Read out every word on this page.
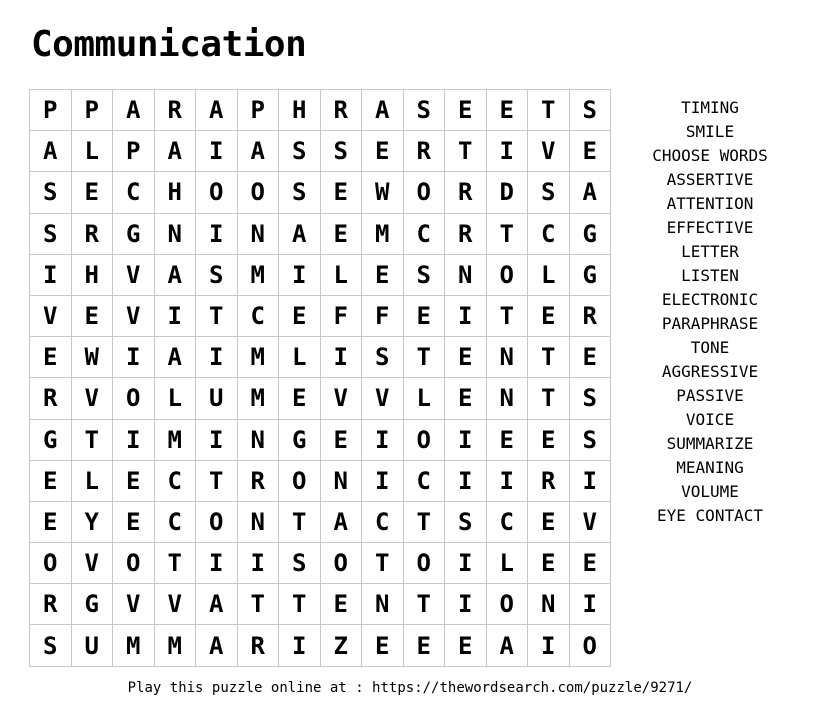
Communication
P	P	A	R	A	P	H	R	A	S	E	E	T	S
A	L	P	A	I	A	S	S	E	R	T	I	V	E
S	E	C	H	O	O	S	E	W	O	R	D	S	A
S	R	G	N	I	N	A	E	M	C	R	T	C	G
I	H	V	A	S	M	I	L	E	S	N	O	L	G
V	E	V	I	T	C	E	F	F	E	I	T	E	R
E	W	I	A	I	M	L	I	S	T	E	N	T	E
R	V	O	L	U	M	E	V	V	L	E	N	T	S
G	T	I	M	I	N	G	E	I	O	I	E	E	S
E	L	E	C	T	R	O	N	I	C	I	I	R	I
E	Y	E	C	O	N	T	A	C	T	S	C	E	V
O	V	O	T	I	I	S	O	T	O	I	L	E	E
R	G	V	V	A	T	T	E	N	T	I	O	N	I
S	U	M	M	A	R	I	Z	E	E	E	A	I	O
TIMING
SMILE
CHOOSE WORDS
ASSERTIVE
ATTENTION
EFFECTIVE
LETTER
LISTEN
ELECTRONIC
PARAPHRASE
TONE
AGGRESSIVE
PASSIVE
VOICE
SUMMARIZE
MEANING
VOLUME
EYE CONTACT
Play this puzzle online at : https://thewordsearch.com/puzzle/9271/
